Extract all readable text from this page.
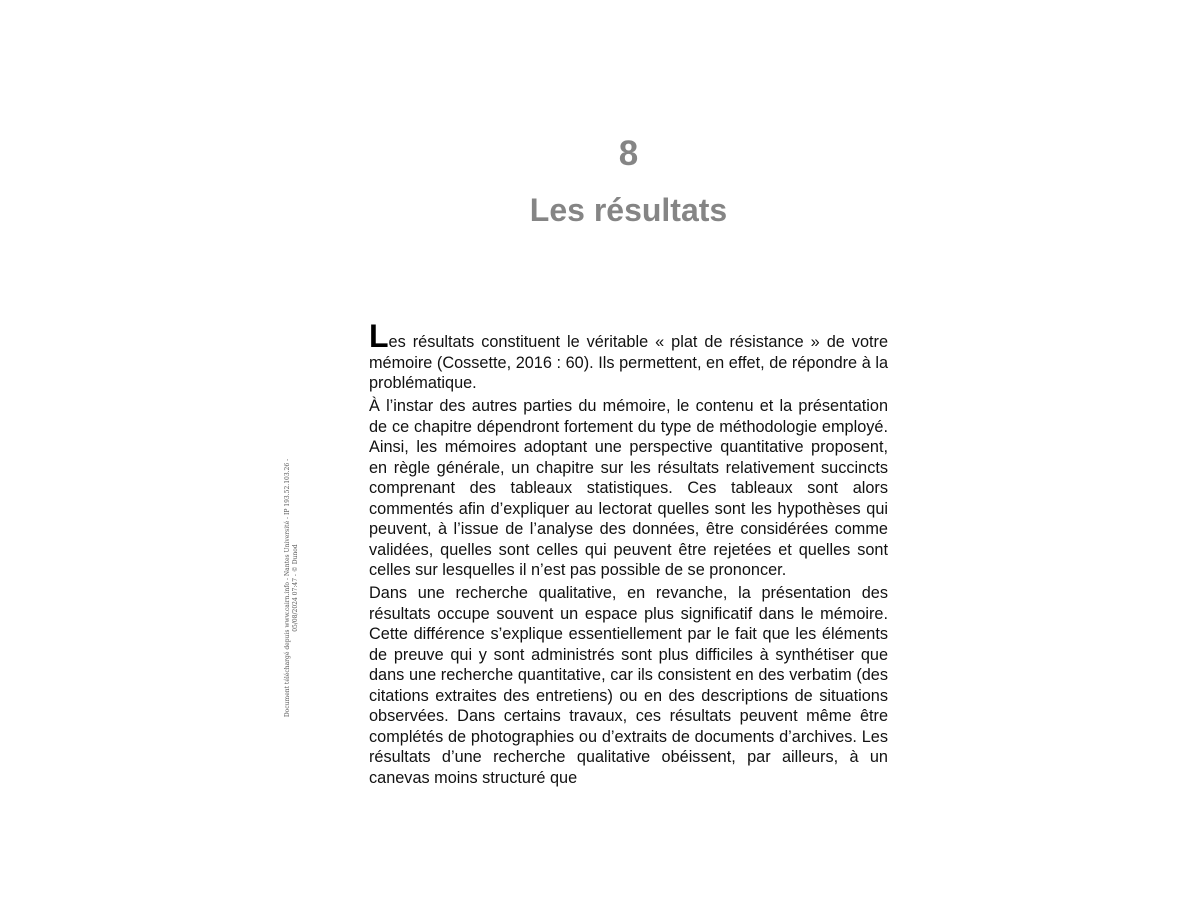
Document téléchargé depuis www.cairn.info - Nantes Université - IP 193.52.103.26 - 05/08/2024 07:47 - © Dunod
8
Les résultats

Les résultats constituent le véritable « plat de résistance » de votre mémoire (Cossette, 2016 : 60). Ils permettent, en effet, de répondre à la problématique.

À l’instar des autres parties du mémoire, le contenu et la présentation de ce chapitre dépendront fortement du type de méthodologie employé. Ainsi, les mémoires adoptant une perspective quantitative proposent, en règle générale, un chapitre sur les résultats relativement succincts comprenant des tableaux statistiques. Ces tableaux sont alors commentés afin d’expliquer au lectorat quelles sont les hypothèses qui peuvent, à l’issue de l’analyse des données, être considérées comme validées, quelles sont celles qui peuvent être rejetées et quelles sont celles sur lesquelles il n’est pas possible de se prononcer.

Dans une recherche qualitative, en revanche, la présentation des résultats occupe souvent un espace plus significatif dans le mémoire. Cette différence s’explique essentiellement par le fait que les éléments de preuve qui y sont administrés sont plus difficiles à synthétiser que dans une recherche quantitative, car ils consistent en des verbatim (des citations extraites des entretiens) ou en des descriptions de situations observées. Dans certains travaux, ces résultats peuvent même être complétés de photographies ou d’extraits de documents d’archives. Les résultats d’une recherche qualitative obéissent, par ailleurs, à un canevas moins structuré que
